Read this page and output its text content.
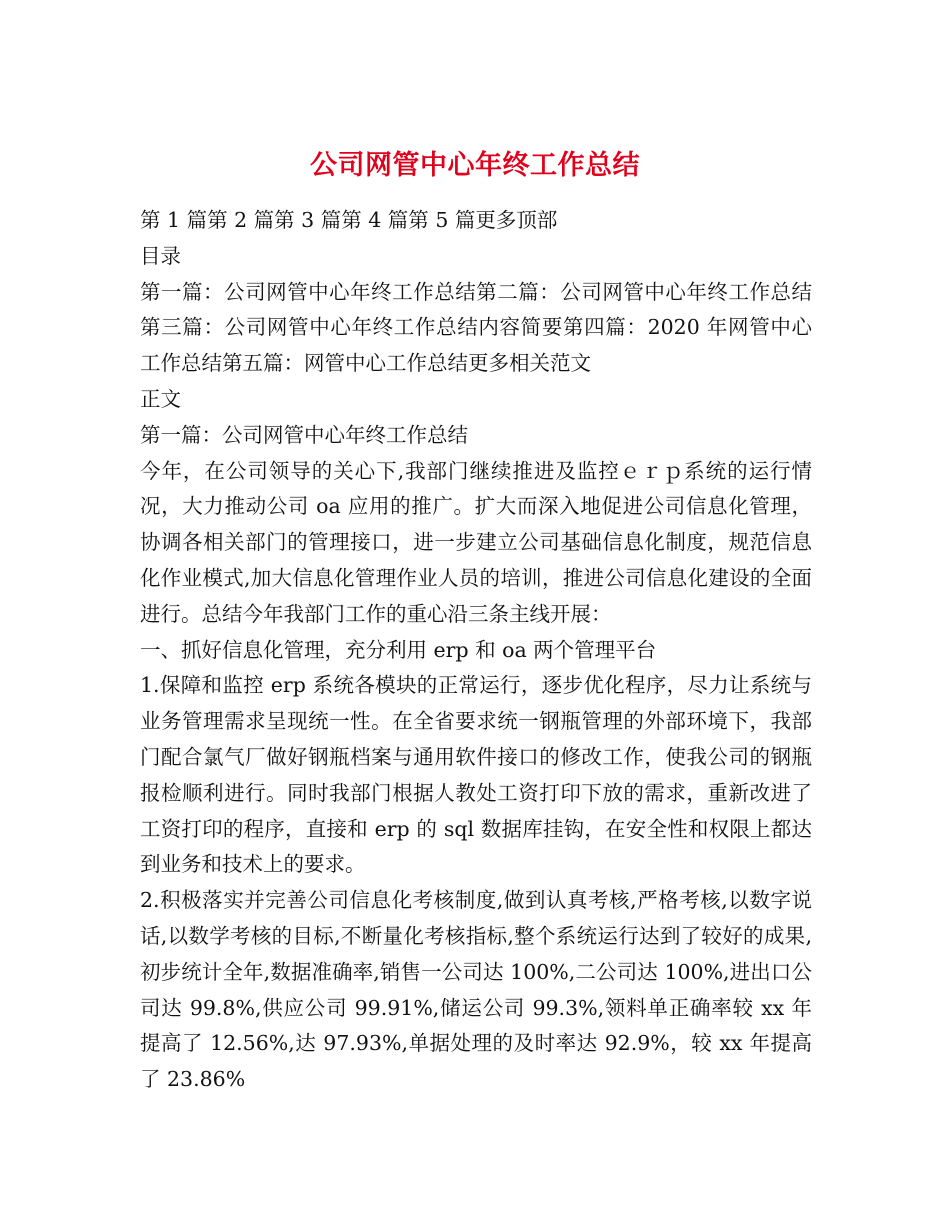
公司网管中心年终工作总结

第 1 篇第 2 篇第 3 篇第 4 篇第 5 篇更多顶部

目录

第一篇：公司网管中心年终工作总结第二篇：公司网管中心年终工作总结第三篇：公司网管中心年终工作总结内容简要第四篇：2020 年网管中心工作总结第五篇：网管中心工作总结更多相关范文

正文

第一篇：公司网管中心年终工作总结

今年，在公司领导的关心下,我部门继续推进及监控ｅｒｐ系统的运行情况，大力推动公司 oa 应用的推广。扩大而深入地促进公司信息化管理，协调各相关部门的管理接口，进一步建立公司基础信息化制度，规范信息化作业模式,加大信息化管理作业人员的培训，推进公司信息化建设的全面进行。总结今年我部门工作的重心沿三条主线开展：

一、抓好信息化管理，充分利用 erp 和 oa 两个管理平台

1.保障和监控 erp 系统各模块的正常运行，逐步优化程序，尽力让系统与业务管理需求呈现统一性。在全省要求统一钢瓶管理的外部环境下，我部门配合氯气厂做好钢瓶档案与通用软件接口的修改工作，使我公司的钢瓶报检顺利进行。同时我部门根据人教处工资打印下放的需求，重新改进了工资打印的程序，直接和 erp 的 sql 数据库挂钩，在安全性和权限上都达到业务和技术上的要求。

2.积极落实并完善公司信息化考核制度,做到认真考核,严格考核,以数字说话,以数学考核的目标,不断量化考核指标,整个系统运行达到了较好的成果,初步统计全年,数据准确率,销售一公司达 100%,二公司达 100%,进出口公司达 99.8%,供应公司 99.91%,储运公司 99.3%,领料单正确率较 xx 年提高了 12.56%,达 97.93%,单据处理的及时率达 92.9%，较 xx 年提高了 23.86%
